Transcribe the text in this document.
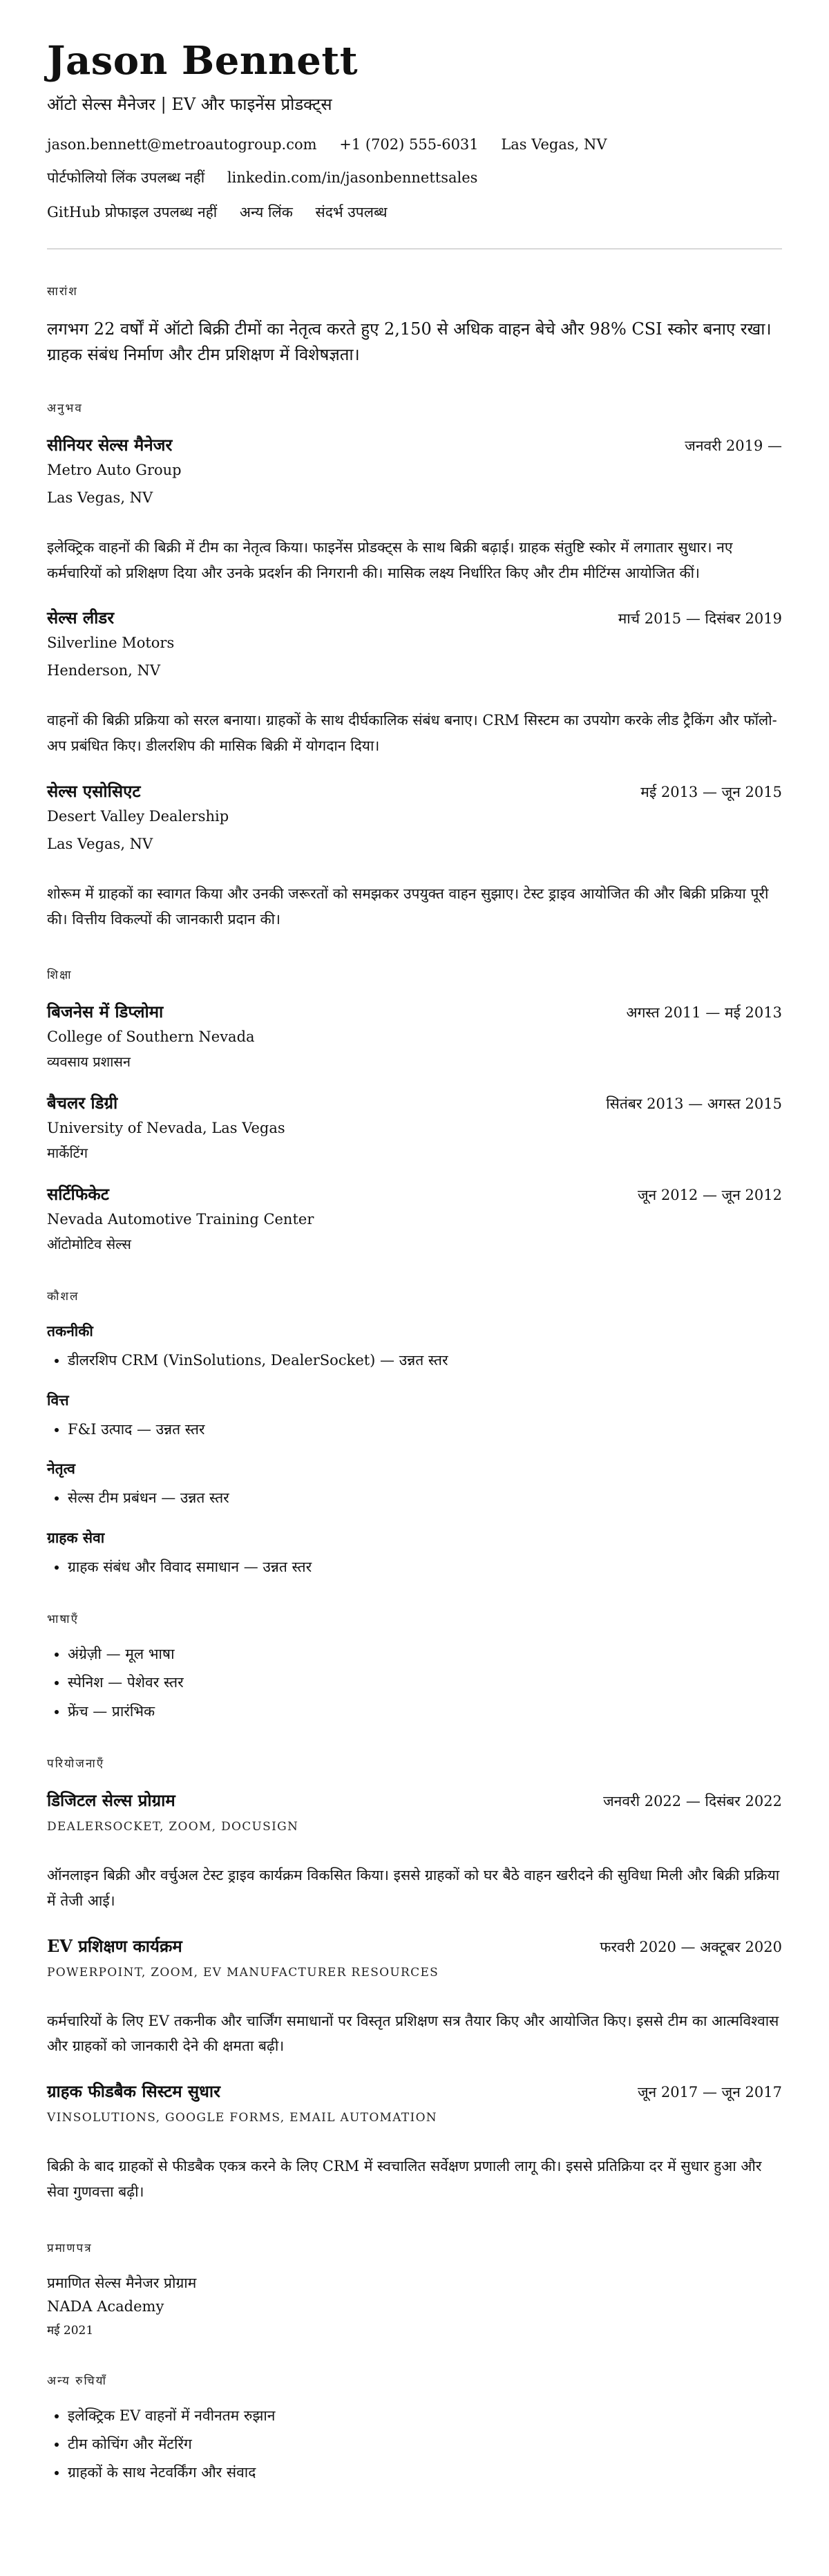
Jason Bennett
ऑटो सेल्स मैनेजर | EV और फाइनेंस प्रोडक्ट्स
jason.bennett@metroautogroup.com +1 (702) 555-6031 Las Vegas, NV
पोर्टफोलियो लिंक उपलब्ध नहीं linkedin.com/in/jasonbennettsales
GitHub प्रोफाइल उपलब्ध नहीं अन्य लिंक संदर्भ उपलब्ध
सारांश
लगभग 22 वर्षों में ऑटो बिक्री टीमों का नेतृत्व करते हुए 2,150 से अधिक वाहन बेचे और 98% CSI स्कोर बनाए रखा। ग्राहक संबंध निर्माण और टीम प्रशिक्षण में विशेषज्ञता।
अनुभव
सीनियर सेल्स मैनेजर	जनवरी 2019 —
Metro Auto Group
Las Vegas, NV
इलेक्ट्रिक वाहनों की बिक्री में टीम का नेतृत्व किया। फाइनेंस प्रोडक्ट्स के साथ बिक्री बढ़ाई। ग्राहक संतुष्टि स्कोर में लगातार सुधार। नए कर्मचारियों को प्रशिक्षण दिया और उनके प्रदर्शन की निगरानी की। मासिक लक्ष्य निर्धारित किए और टीम मीटिंग्स आयोजित कीं।
सेल्स लीडर	मार्च 2015 — दिसंबर 2019
Silverline Motors
Henderson, NV
वाहनों की बिक्री प्रक्रिया को सरल बनाया। ग्राहकों के साथ दीर्घकालिक संबंध बनाए। CRM सिस्टम का उपयोग करके लीड ट्रैकिंग और फॉलो-अप प्रबंधित किए। डीलरशिप की मासिक बिक्री में योगदान दिया।
सेल्स एसोसिएट	मई 2013 — जून 2015
Desert Valley Dealership
Las Vegas, NV
शोरूम में ग्राहकों का स्वागत किया और उनकी जरूरतों को समझकर उपयुक्त वाहन सुझाए। टेस्ट ड्राइव आयोजित की और बिक्री प्रक्रिया पूरी की। वित्तीय विकल्पों की जानकारी प्रदान की।
शिक्षा
बिजनेस में डिप्लोमा	अगस्त 2011 — मई 2013
College of Southern Nevada
व्यवसाय प्रशासन
बैचलर डिग्री	सितंबर 2013 — अगस्त 2015
University of Nevada, Las Vegas
मार्केटिंग
सर्टिफिकेट	जून 2012 — जून 2012
Nevada Automotive Training Center
ऑटोमोटिव सेल्स
कौशल
तकनीकी
• डीलरशिप CRM (VinSolutions, DealerSocket) — उन्नत स्तर
वित्त
• F&I उत्पाद — उन्नत स्तर
नेतृत्व
• सेल्स टीम प्रबंधन — उन्नत स्तर
ग्राहक सेवा
• ग्राहक संबंध और विवाद समाधान — उन्नत स्तर
भाषाएँ
• अंग्रेज़ी — मूल भाषा
• स्पेनिश — पेशेवर स्तर
• फ्रेंच — प्रारंभिक
परियोजनाएँ
डिजिटल सेल्स प्रोग्राम	जनवरी 2022 — दिसंबर 2022
DEALERSOCKET, ZOOM, DOCUSIGN
ऑनलाइन बिक्री और वर्चुअल टेस्ट ड्राइव कार्यक्रम विकसित किया। इससे ग्राहकों को घर बैठे वाहन खरीदने की सुविधा मिली और बिक्री प्रक्रिया में तेजी आई।
EV प्रशिक्षण कार्यक्रम	फरवरी 2020 — अक्टूबर 2020
POWERPOINT, ZOOM, EV MANUFACTURER RESOURCES
कर्मचारियों के लिए EV तकनीक और चार्जिंग समाधानों पर विस्तृत प्रशिक्षण सत्र तैयार किए और आयोजित किए। इससे टीम का आत्मविश्वास और ग्राहकों को जानकारी देने की क्षमता बढ़ी।
ग्राहक फीडबैक सिस्टम सुधार	जून 2017 — जून 2017
VINSOLUTIONS, GOOGLE FORMS, EMAIL AUTOMATION
बिक्री के बाद ग्राहकों से फीडबैक एकत्र करने के लिए CRM में स्वचालित सर्वेक्षण प्रणाली लागू की। इससे प्रतिक्रिया दर में सुधार हुआ और सेवा गुणवत्ता बढ़ी।
प्रमाणपत्र
प्रमाणित सेल्स मैनेजर प्रोग्राम
NADA Academy
मई 2021
अन्य रुचियाँ
• इलेक्ट्रिक EV वाहनों में नवीनतम रुझान
• टीम कोचिंग और मेंटरिंग
• ग्राहकों के साथ नेटवर्किंग और संवाद
